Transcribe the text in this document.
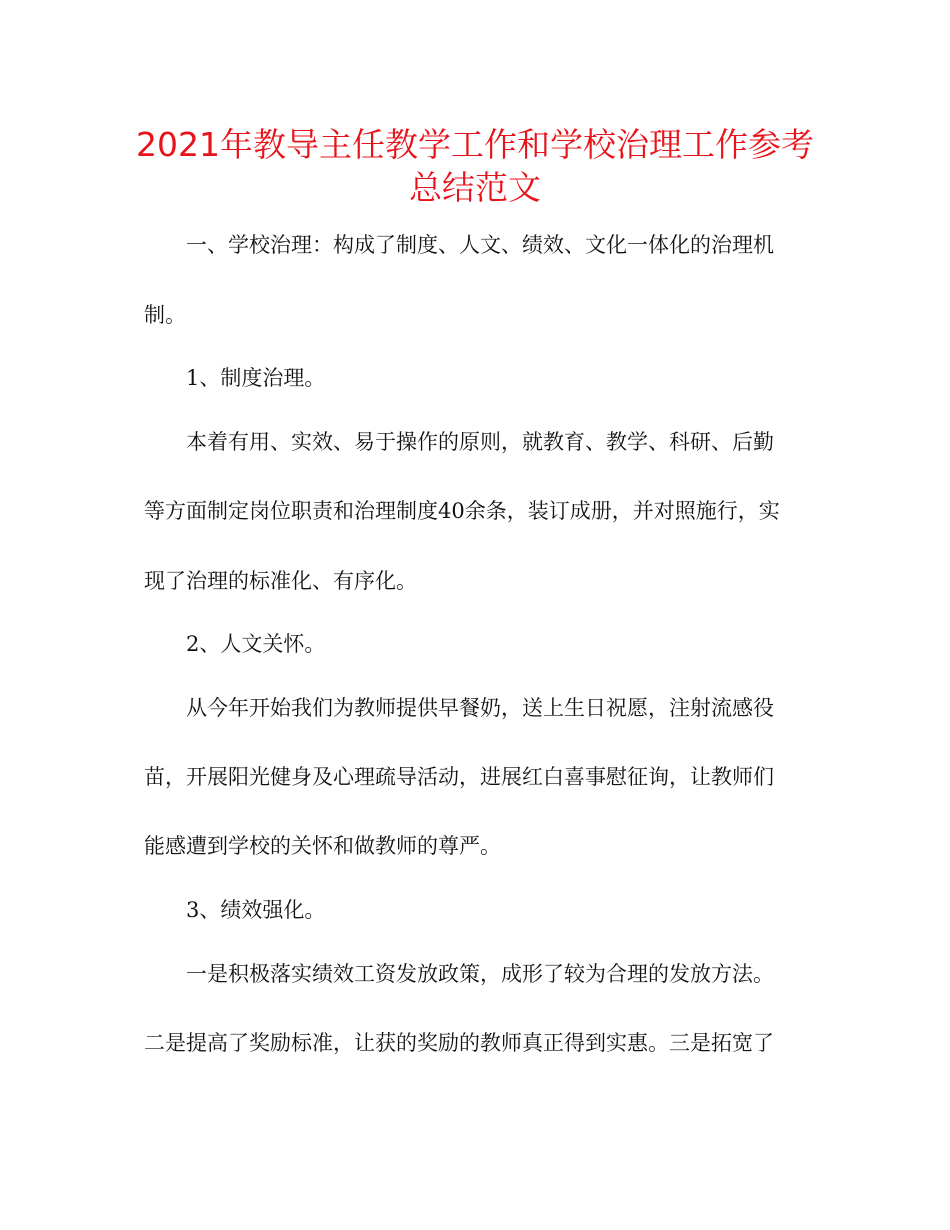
2021年教导主任教学工作和学校治理工作参考
总结范文

一、学校治理：构成了制度、人文、绩效、文化一体化的治理机

制。

1、制度治理。

本着有用、实效、易于操作的原则，就教育、教学、科研、后勤

等方面制定岗位职责和治理制度40余条，装订成册，并对照施行，实

现了治理的标准化、有序化。

2、人文关怀。

从今年开始我们为教师提供早餐奶，送上生日祝愿，注射流感役

苗，开展阳光健身及心理疏导活动，进展红白喜事慰征询，让教师们

能感遭到学校的关怀和做教师的尊严。

3、绩效强化。

一是积极落实绩效工资发放政策，成形了较为合理的发放方法。

二是提高了奖励标准，让获的奖励的教师真正得到实惠。三是拓宽了
